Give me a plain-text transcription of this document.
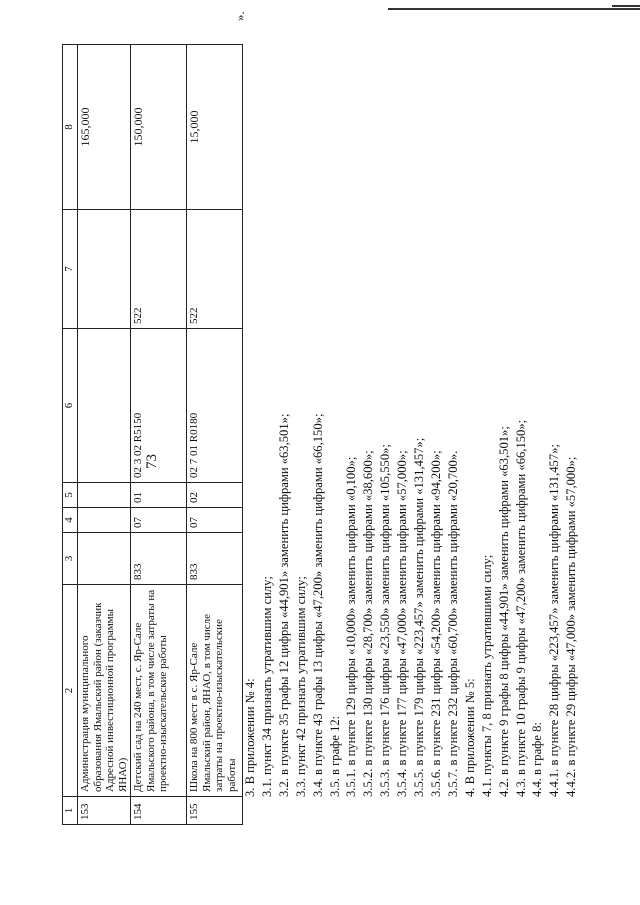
73
».
1	2	3	4	5	6	7	8
153	Администрация муниципального образования Ямальский район (заказчик Адресной инвестиционной программы ЯНАО)						165,000
154	Детский сад на 240 мест, с. Яр-Сале Ямальского района, в том числе затраты на проектно-изыскательские работы	833	07	01	02 3 02 R5150	522	150,000
155	Школа на 800 мест в с. Яр-Сале Ямальский район, ЯНАО, в том числе затраты на проектно-изыскательские работы	833	07	02	02 7 01 R0180	522	15,000
3. В приложении № 4: 3.1. пункт 34 признать утратившим силу; 3.2. в пункте 35 графы 12 цифры «44,901» заменить цифрами «63,501»; 3.3. пункт 42 признать утратившим силу; 3.4. в пункте 43 графы 13 цифры «47,200» заменить цифрами «66,150»; 3.5. в графе 12: 3.5.1. в пункте 129 цифры «10,000» заменить цифрами «0,100»; 3.5.2. в пункте 130 цифры «28,700» заменить цифрами «38,600»; 3.5.3. в пункте 176 цифры «23,550» заменить цифрами «105,550»; 3.5.4. в пункте 177 цифры «47,000» заменить цифрами «57,000»; 3.5.5. в пункте 179 цифры «223,457» заменить цифрами «131,457»; 3.5.6. в пункте 231 цифры «54,200» заменить цифрами «94,200»; 3.5.7. в пункте 232 цифры «60,700» заменить цифрами «20,700». 4. В приложении № 5: 4.1. пункты 7, 8 признать утратившими силу; 4.2. в пункте 9 графы 8 цифры «44,901» заменить цифрами «63,501»; 4.3. в пункте 10 графы 9 цифры «47,200» заменить цифрами «66,150»; 4.4. в графе 8: 4.4.1. в пункте 28 цифры «223,457» заменить цифрами «131,457»; 4.4.2. в пункте 29 цифры «47,000» заменить цифрами «57,000»;
